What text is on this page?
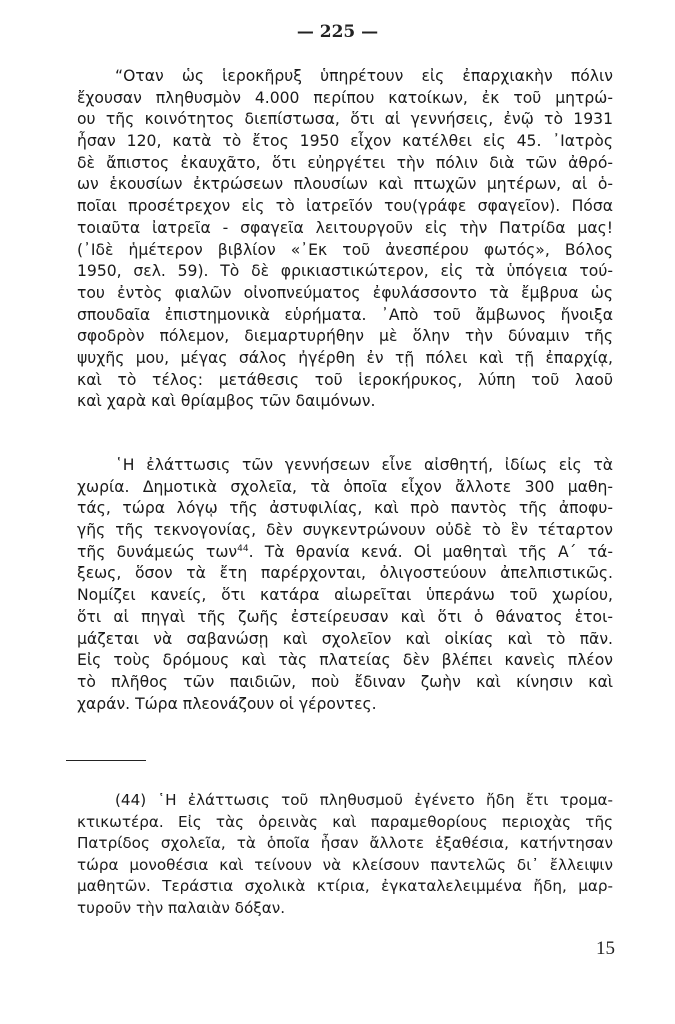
— 225 —
“Οταν ὡς ἱεροκῆρυξ ὑπηρέτουν εἰς ἐπαρχιακὴν πόλιν
ἔχουσαν πληθυσμὸν 4.000 περίπου κατοίκων, ἐκ τοῦ μητρώ-
ου τῆς κοινότητος διεπίστωσα, ὅτι αἱ γεννήσεις, ἐνῷ τὸ 1931
ἦσαν 120, κατὰ τὸ ἔτος 1950 εἶχον κατέλθει εἰς 45. ᾿Ιατρὸς
δὲ ἄπιστος ἐκαυχᾶτο, ὅτι εὐηργέτει τὴν πόλιν διὰ τῶν ἀθρό-
ων ἑκουσίων ἐκτρώσεων πλουσίων καὶ πτωχῶν μητέρων, αἱ ὁ-
ποῖαι προσέτρεχον εἰς τὸ ἰατρεῖόν του(γράφε σφαγεῖον). Πόσα
τοιαῦτα ἰατρεῖα - σφαγεῖα λειτουργοῦν εἰς τὴν Πατρίδα μας!
(᾿Ιδὲ ἡμέτερον βιβλίον «᾿Εκ τοῦ ἀνεσπέρου φωτός», Βόλος
1950, σελ. 59). Τὸ δὲ φρικιαστικώτερον, εἰς τὰ ὑπόγεια τού-
του ἐντὸς φιαλῶν οἰνοπνεύματος ἐφυλάσσοντο τὰ ἔμβρυα ὡς
σπουδαῖα ἐπιστημονικὰ εὑρήματα. ᾿Απὸ τοῦ ἄμβωνος ἤνοιξα
σφοδρὸν πόλεμον, διεμαρτυρήθην μὲ ὅλην τὴν δύναμιν τῆς
ψυχῆς μου, μέγας σάλος ἠγέρθη ἐν τῇ πόλει καὶ τῇ ἐπαρχίᾳ,
καὶ τὸ τέλος: μετάθεσις τοῦ ἱεροκήρυκος, λύπη τοῦ λαοῦ
καὶ χαρὰ καὶ θρίαμβος τῶν δαιμόνων.
῾Η ἐλάττωσις τῶν γεννήσεων εἶνε αἰσθητή, ἰδίως εἰς τὰ
χωρία. Δημοτικὰ σχολεῖα, τὰ ὁποῖα εἶχον ἄλλοτε 300 μαθη-
τάς, τώρα λόγῳ τῆς ἀστυφιλίας, καὶ πρὸ παντὸς τῆς ἀποφυ-
γῆς τῆς τεκνογονίας, δὲν συγκεντρώνουν οὐδὲ τὸ ἓν τέταρτον
τῆς δυνάμεώς των$^{44}$. Τὰ θρανία κενά. Οἱ μαθηταὶ τῆς Α΄ τά-
ξεως, ὅσον τὰ ἔτη παρέρχονται, ὀλιγοστεύουν ἀπελπιστικῶς.
Νομίζει κανείς, ὅτι κατάρα αἰωρεῖται ὑπεράνω τοῦ χωρίου,
ὅτι αἱ πηγαὶ τῆς ζωῆς ἐστείρευσαν καὶ ὅτι ὁ θάνατος ἑτοι-
μάζεται νὰ σαβανώσῃ καὶ σχολεῖον καὶ οἰκίας καὶ τὸ πᾶν.
Εἰς τοὺς δρόμους καὶ τὰς πλατείας δὲν βλέπει κανεὶς πλέον
τὸ πλῆθος τῶν παιδιῶν, ποὺ ἔδιναν ζωὴν καὶ κίνησιν καὶ
χαράν. Τώρα πλεονάζουν οἱ γέροντες.
(44) ῾Η ἐλάττωσις τοῦ πληθυσμοῦ ἐγένετο ἤδη ἔτι τρομα-
κτικωτέρα. Εἰς τὰς ὀρεινὰς καὶ παραμεθορίους περιοχὰς τῆς
Πατρίδος σχολεῖα, τὰ ὁποῖα ἦσαν ἄλλοτε ἑξαθέσια, κατήντησαν
τώρα μονοθέσια καὶ τείνουν νὰ κλείσουν παντελῶς δι᾿ ἔλλειψιν
μαθητῶν. Τεράστια σχολικὰ κτίρια, ἐγκαταλελειμμένα ἤδη, μαρ-
τυροῦν τὴν παλαιὰν δόξαν.
15
